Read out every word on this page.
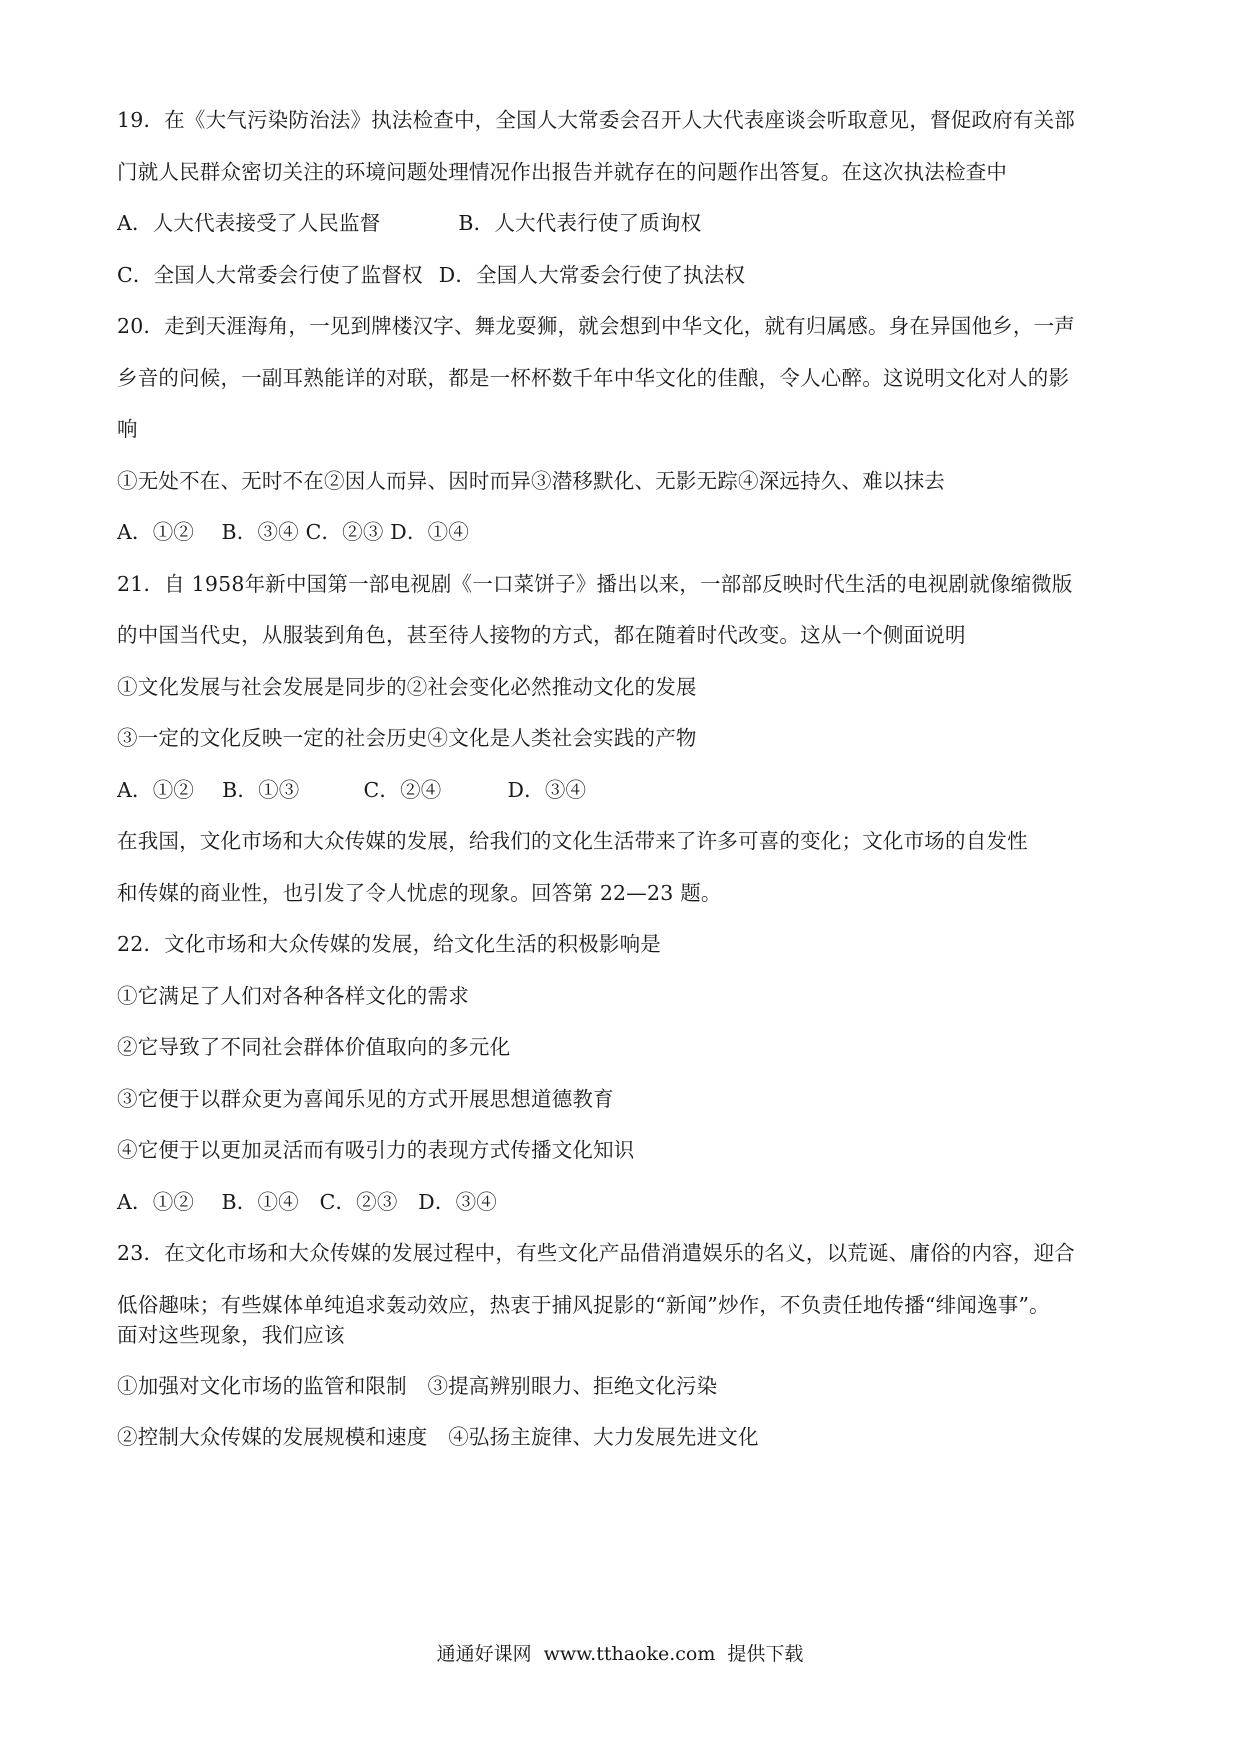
19．在《大气污染防治法》执法检查中，全国人大常委会召开人大代表座谈会听取意见，督促政府有关部
门就人民群众密切关注的环境问题处理情况作出报告并就存在的问题作出答复。在这次执法检查中
A．人大代表接受了人民监督	B．人大代表行使了质询权
C．全国人大常委会行使了监督权 D．全国人大常委会行使了执法权
20．走到天涯海角，一见到牌楼汉字、舞龙耍狮，就会想到中华文化，就有归属感。身在异国他乡，一声
乡音的问候，一副耳熟能详的对联，都是一杯杯数千年中华文化的佳酿，令人心醉。这说明文化对人的影
响
①无处不在、无时不在②因人而异、因时而异③潜移默化、无影无踪④深远持久、难以抹去
A．①②　 B．③④ C．②③ D．①④
21．自 1958年新中国第一部电视剧《一口菜饼子》播出以来，一部部反映时代生活的电视剧就像缩微版
的中国当代史，从服装到角色，甚至待人接物的方式，都在随着时代改变。这从一个侧面说明
①文化发展与社会发展是同步的②社会变化必然推动文化的发展
③一定的文化反映一定的社会历史④文化是人类社会实践的产物
A．①② B．①③	C．②④	D．③④
在我国，文化市场和大众传媒的发展，给我们的文化生活带来了许多可喜的变化；文化市场的自发性
和传媒的商业性，也引发了令人忧虑的现象。回答第 22—23 题。
22．文化市场和大众传媒的发展，给文化生活的积极影响是
①它满足了人们对各种各样文化的需求
②它导致了不同社会群体价值取向的多元化
③它便于以群众更为喜闻乐见的方式开展思想道德教育
④它便于以更加灵活而有吸引力的表现方式传播文化知识
A．①②　 B．①④　C．②③　D．③④
23．在文化市场和大众传媒的发展过程中，有些文化产品借消遣娱乐的名义，以荒诞、庸俗的内容，迎合
低俗趣味；有些媒体单纯追求轰动效应，热衷于捕风捉影的“新闻”炒作，不负责任地传播“绯闻逸事”。
面对这些现象，我们应该
①加强对文化市场的监管和限制　③提高辨别眼力、拒绝文化污染
②控制大众传媒的发展规模和速度　④弘扬主旋律、大力发展先进文化
通通好课网 www.tthaoke.com 提供下载
